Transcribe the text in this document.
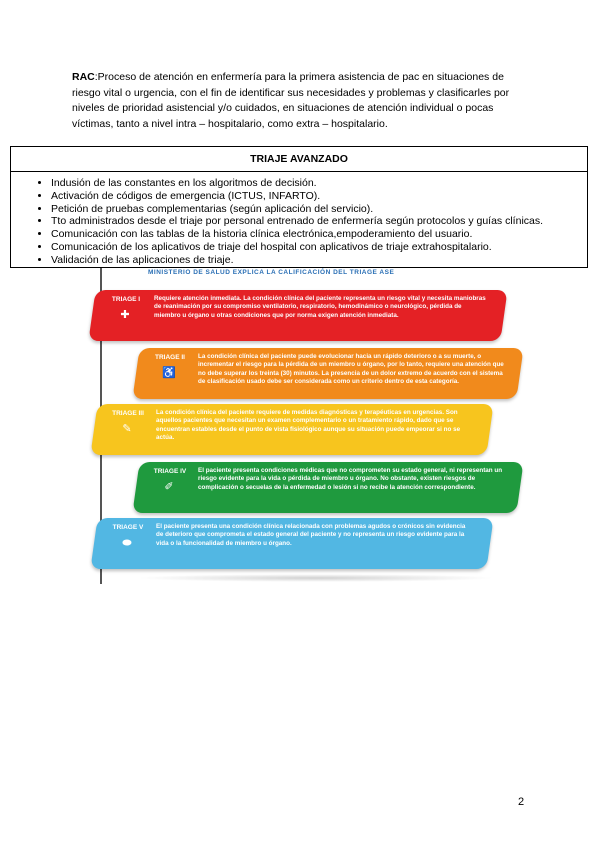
RAC:Proceso de atención en enfermería para la primera asistencia de pac en situaciones de riesgo vital o urgencia, con el fin de identificar sus necesidades y problemas y clasificarles por niveles de prioridad asistencial y/o cuidados, en situaciones de atención individual o pocas víctimas, tanto a nivel intra – hospitalario, como extra – hospitalario.
TRIAJE AVANZADO
• Indusión de las constantes en los algoritmos de decisión.
• Activación de códigos de emergencia (ICTUS, INFARTO).
• Petición de pruebas complementarias (según aplicación del servicio).
• Tto administrados desde el triaje por personal entrenado de enfermería según protocolos y guías clínicas.
• Comunicación con las tablas de la historia clínica electrónica,empoderamiento del usuario.
• Comunicación de los aplicativos de triaje del hospital con aplicativos de triaje extrahospitalario.
• Validación de las aplicaciones de triaje.
MINISTERIO DE SALUD EXPLICA LA CALIFICACIÓN DEL TRIAGE ASE
TRIAGE I
✚
Requiere atención inmediata. La condición clínica del paciente representa un riesgo vital y necesita maniobras de reanimación por su compromiso ventilatorio, respiratorio, hemodinámico o neurológico, pérdida de miembro u órgano u otras condiciones que por norma exigen atención inmediata.
TRIAGE II
♿
La condición clínica del paciente puede evolucionar hacia un rápido deterioro o a su muerte, o incrementar el riesgo para la pérdida de un miembro u órgano, por lo tanto, requiere una atención que no debe superar los treinta (30) minutos. La presencia de un dolor extremo de acuerdo con el sistema de clasificación usado debe ser considerada como un criterio dentro de esta categoría.
TRIAGE III
✎
La condición clínica del paciente requiere de medidas diagnósticas y terapéuticas en urgencias. Son aquellos pacientes que necesitan un examen complementario o un tratamiento rápido, dado que se encuentran estables desde el punto de vista fisiológico aunque su situación puede empeorar si no se actúa.
TRIAGE IV
✐
El paciente presenta condiciones médicas que no comprometen su estado general, ni representan un riesgo evidente para la vida o pérdida de miembro u órgano. No obstante, existen riesgos de complicación o secuelas de la enfermedad o lesión si no recibe la atención correspondiente.
TRIAGE V
⬬
El paciente presenta una condición clínica relacionada con problemas agudos o crónicos sin evidencia de deterioro que comprometa el estado general del paciente y no representa un riesgo evidente para la vida o la funcionalidad de miembro u órgano.
2
